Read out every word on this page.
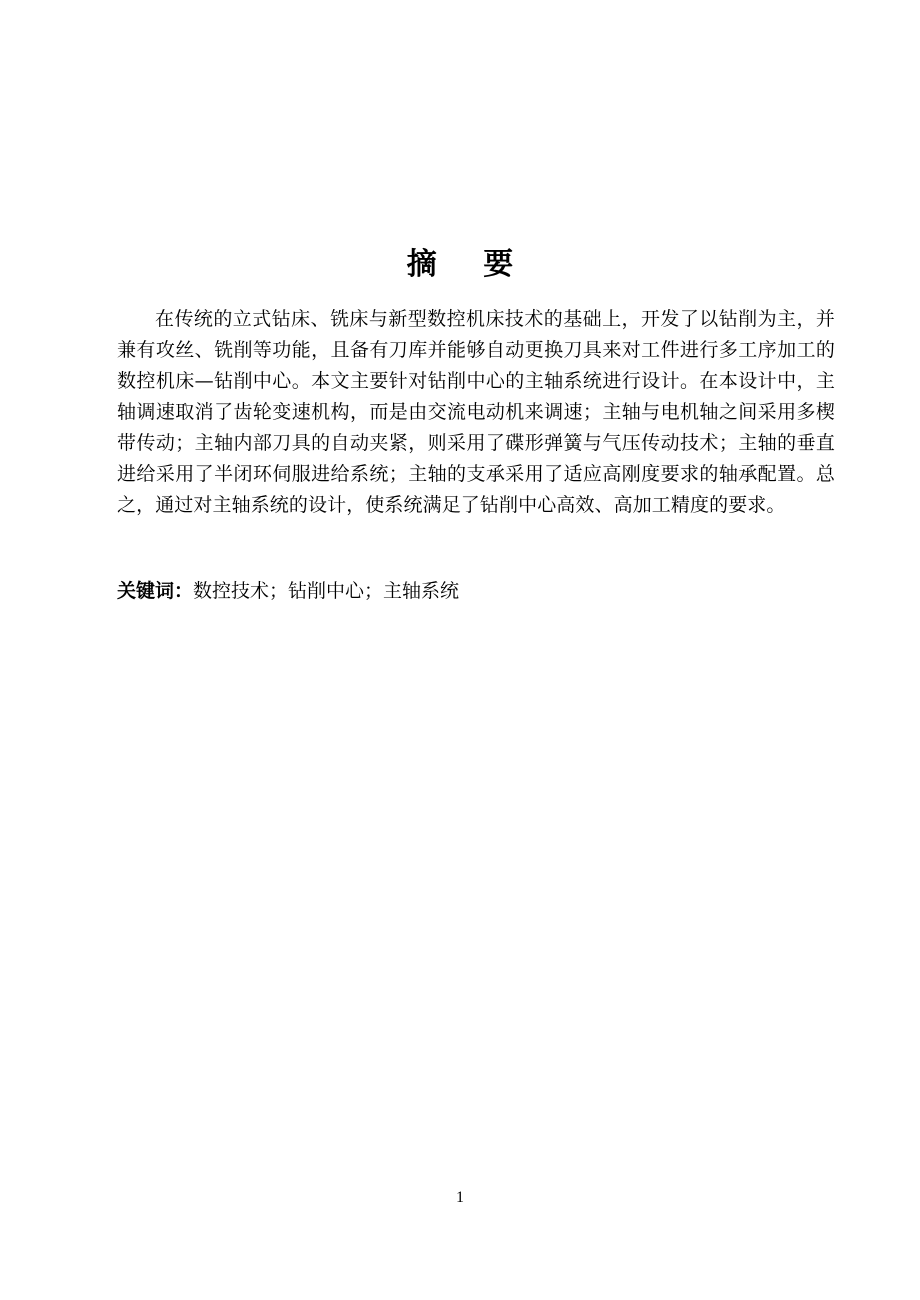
摘 要

在传统的立式钻床、铣床与新型数控机床技术的基础上，开发了以钻削为主，并兼有攻丝、铣削等功能，且备有刀库并能够自动更换刀具来对工件进行多工序加工的数控机床—钻削中心。本文主要针对钻削中心的主轴系统进行设计。在本设计中，主轴调速取消了齿轮变速机构，而是由交流电动机来调速；主轴与电机轴之间采用多楔带传动；主轴内部刀具的自动夹紧，则采用了碟形弹簧与气压传动技术；主轴的垂直进给采用了半闭环伺服进给系统；主轴的支承采用了适应高刚度要求的轴承配置。总之，通过对主轴系统的设计，使系统满足了钻削中心高效、高加工精度的要求。

关键词：数控技术；钻削中心；主轴系统

1
